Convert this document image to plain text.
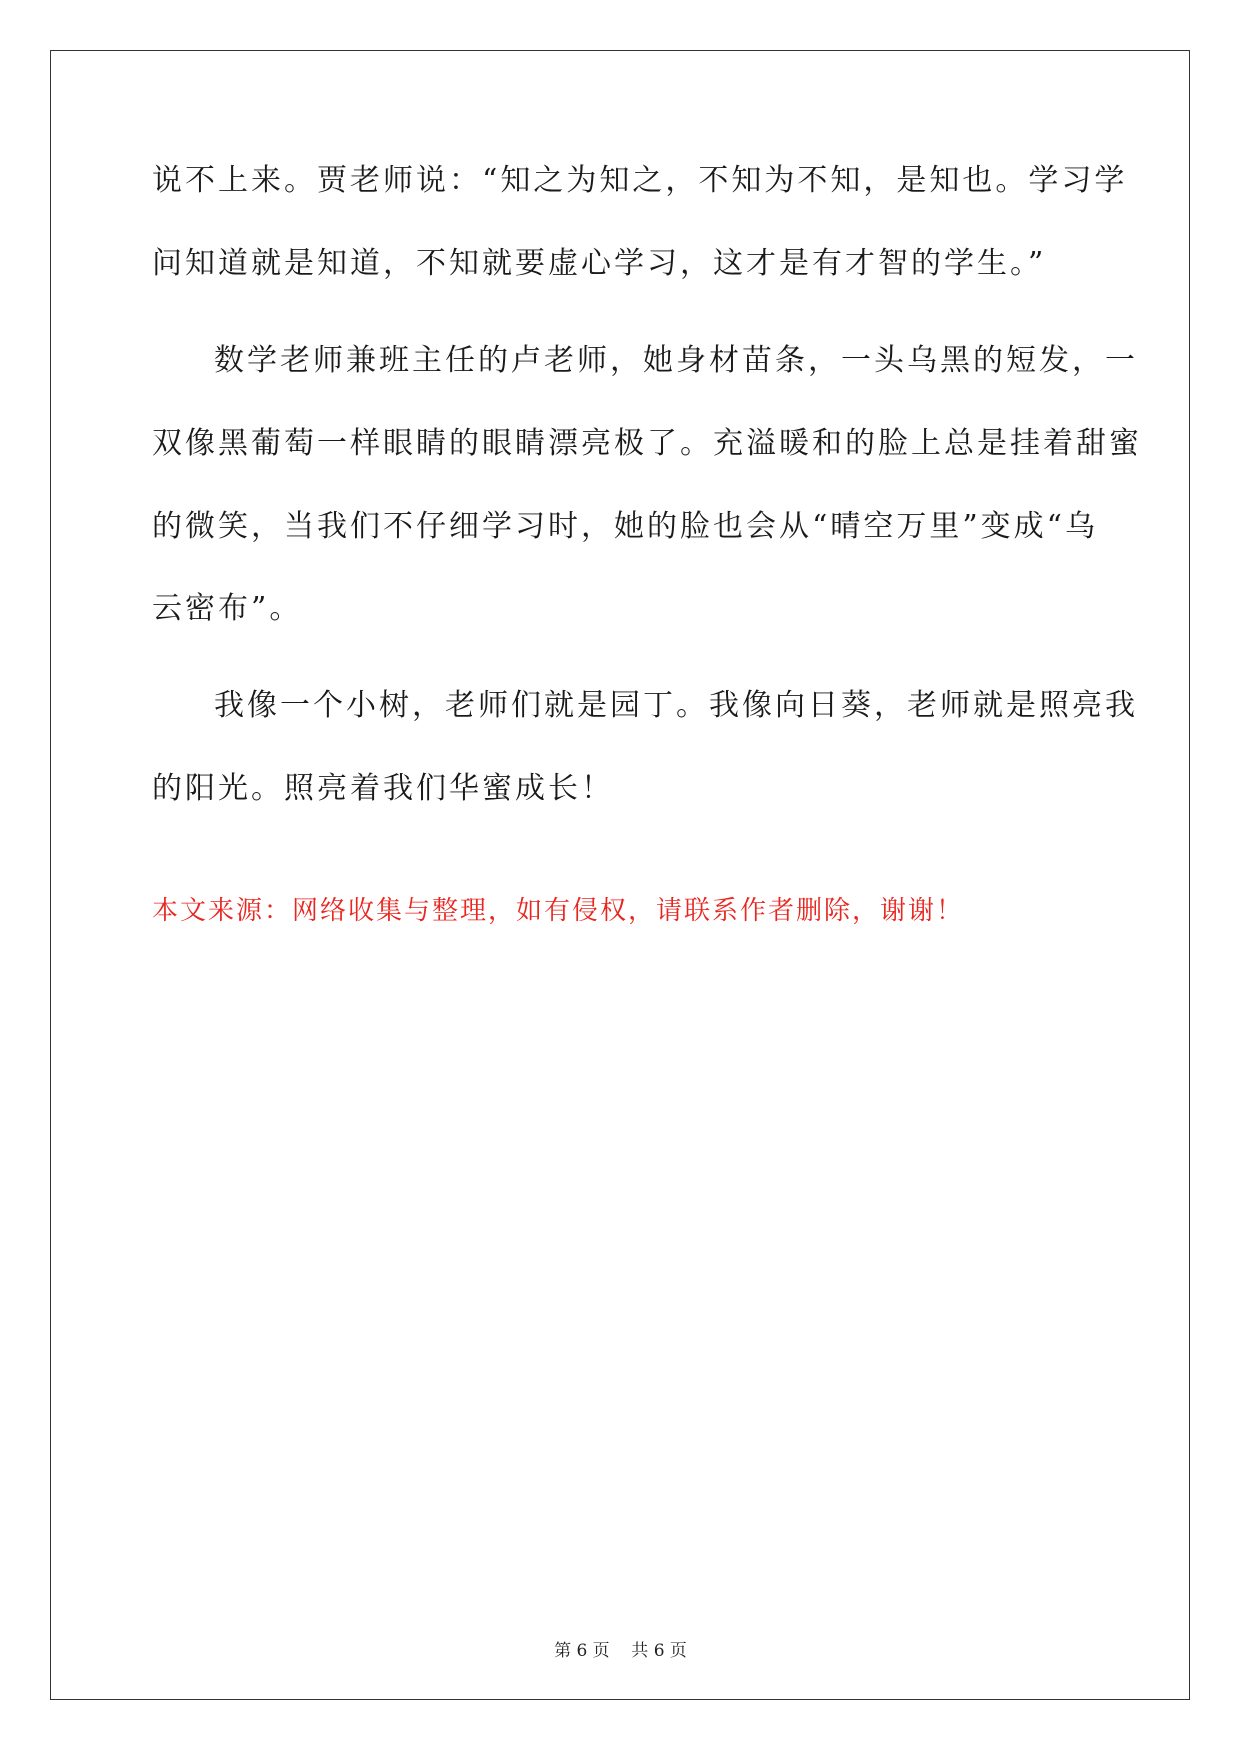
说不上来。贾老师说：“知之为知之，不知为不知，是知也。学习学
问知道就是知道，不知就要虚心学习，这才是有才智的学生。”
数学老师兼班主任的卢老师，她身材苗条，一头乌黑的短发，一
双像黑葡萄一样眼睛的眼睛漂亮极了。充溢暖和的脸上总是挂着甜蜜
的微笑，当我们不仔细学习时，她的脸也会从“晴空万里”变成“乌
云密布”。
我像一个小树，老师们就是园丁。我像向日葵，老师就是照亮我
的阳光。照亮着我们华蜜成长！
本文来源：网络收集与整理，如有侵权，请联系作者删除，谢谢！
第 6 页    共 6 页
